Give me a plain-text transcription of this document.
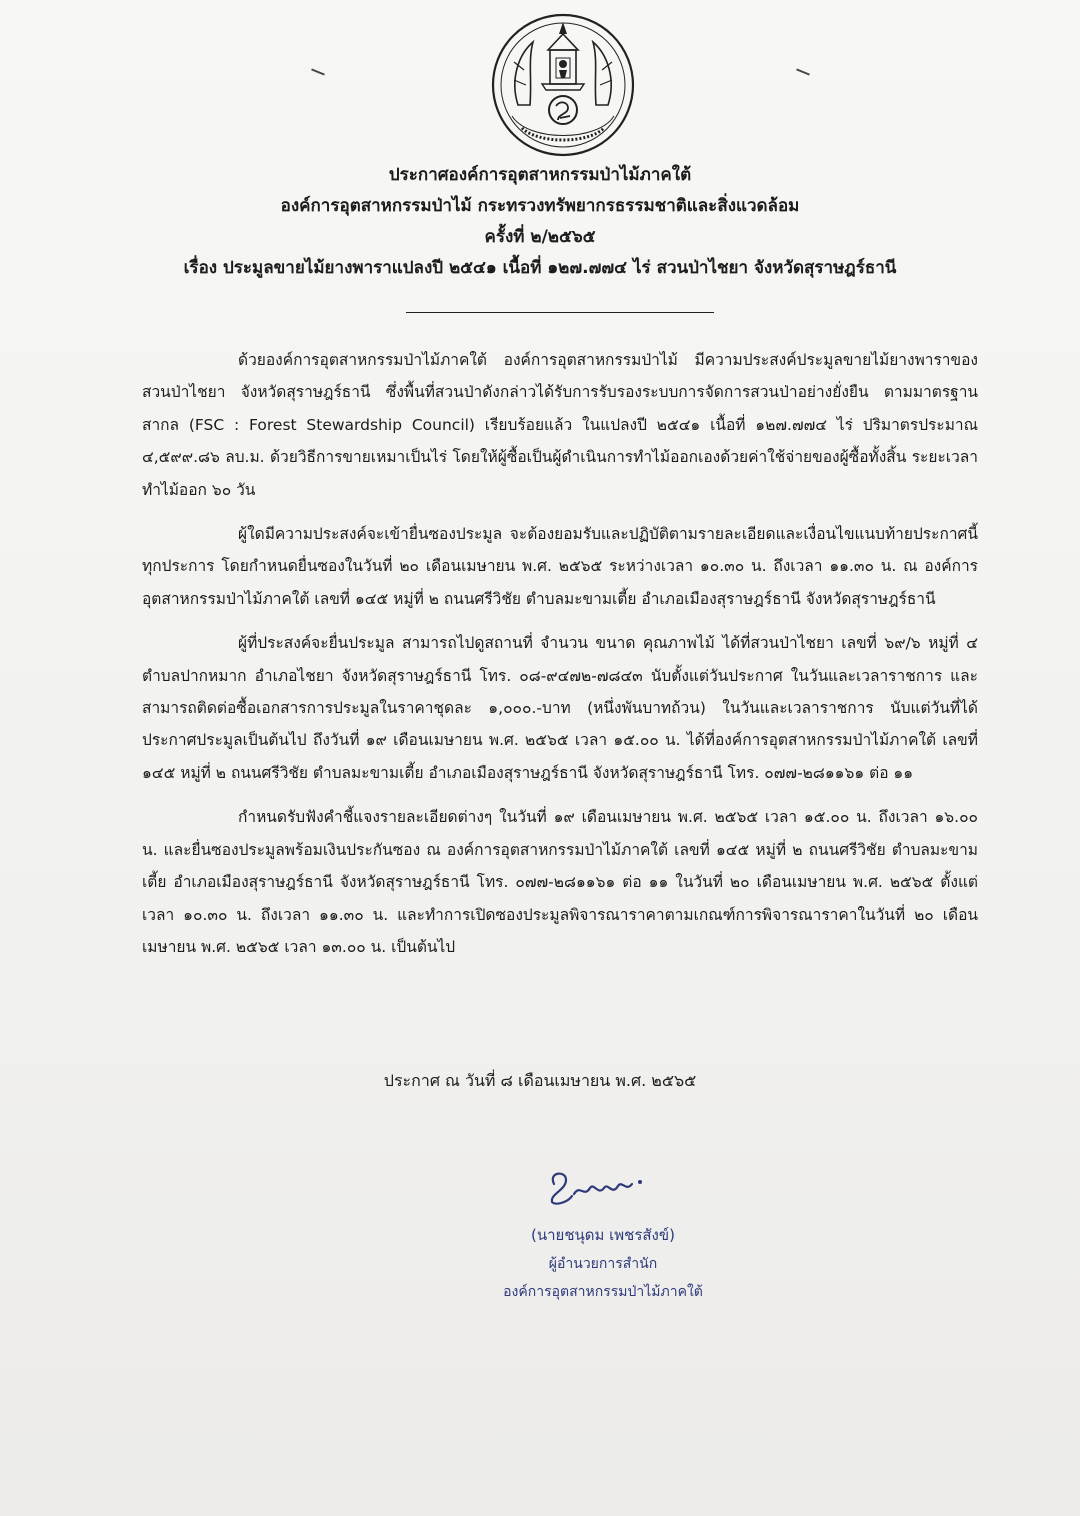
ประกาศองค์การอุตสาหกรรมป่าไม้ภาคใต้
องค์การอุตสาหกรรมป่าไม้ กระทรวงทรัพยากรธรรมชาติและสิ่งแวดล้อม
ครั้งที่ ๒/๒๕๖๕
เรื่อง ประมูลขายไม้ยางพาราแปลงปี ๒๕๔๑ เนื้อที่ ๑๒๗.๗๗๔ ไร่ สวนป่าไชยา จังหวัดสุราษฎร์ธานี

ด้วยองค์การอุตสาหกรรมป่าไม้ภาคใต้ องค์การอุตสาหกรรมป่าไม้ มีความประสงค์ประมูลขายไม้ยางพาราของสวนป่าไชยา จังหวัดสุราษฎร์ธานี ซึ่งพื้นที่สวนป่าดังกล่าวได้รับการรับรองระบบการจัดการสวนป่าอย่างยั่งยืน ตามมาตรฐานสากล (FSC : Forest Stewardship Council) เรียบร้อยแล้ว ในแปลงปี ๒๕๔๑ เนื้อที่ ๑๒๗.๗๗๔ ไร่ ปริมาตรประมาณ ๔,๕๙๙.๘๖ ลบ.ม. ด้วยวิธีการขายเหมาเป็นไร่ โดยให้ผู้ซื้อเป็นผู้ดำเนินการทำไม้ออกเองด้วยค่าใช้จ่ายของผู้ซื้อทั้งสิ้น ระยะเวลาทำไม้ออก ๖๐ วัน

ผู้ใดมีความประสงค์จะเข้ายื่นซองประมูล จะต้องยอมรับและปฏิบัติตามรายละเอียดและเงื่อนไขแนบท้ายประกาศนี้ทุกประการ โดยกำหนดยื่นซองในวันที่ ๒๐ เดือนเมษายน พ.ศ. ๒๕๖๕ ระหว่างเวลา ๑๐.๓๐ น. ถึงเวลา ๑๑.๓๐ น. ณ องค์การอุตสาหกรรมป่าไม้ภาคใต้ เลขที่ ๑๔๕ หมู่ที่ ๒ ถนนศรีวิชัย ตำบลมะขามเตี้ย อำเภอเมืองสุราษฎร์ธานี จังหวัดสุราษฎร์ธานี

ผู้ที่ประสงค์จะยื่นประมูล สามารถไปดูสถานที่ จำนวน ขนาด คุณภาพไม้ ได้ที่สวนป่าไชยา เลขที่ ๖๙/๖ หมู่ที่ ๔ ตำบลปากหมาก อำเภอไชยา จังหวัดสุราษฎร์ธานี โทร. ๐๘-๙๔๗๒-๗๘๔๓ นับตั้งแต่วันประกาศ ในวันและเวลาราชการ และสามารถติดต่อซื้อเอกสารการประมูลในราคาชุดละ ๑,๐๐๐.-บาท (หนึ่งพันบาทถ้วน) ในวันและเวลาราชการ นับแต่วันที่ได้ประกาศประมูลเป็นต้นไป ถึงวันที่ ๑๙ เดือนเมษายน พ.ศ. ๒๕๖๕ เวลา ๑๕.๐๐ น. ได้ที่องค์การอุตสาหกรรมป่าไม้ภาคใต้ เลขที่ ๑๔๕ หมู่ที่ ๒ ถนนศรีวิชัย ตำบลมะขามเตี้ย อำเภอเมืองสุราษฎร์ธานี จังหวัดสุราษฎร์ธานี โทร. ๐๗๗-๒๘๑๑๖๑ ต่อ ๑๑

กำหนดรับฟังคำชี้แจงรายละเอียดต่างๆ ในวันที่ ๑๙ เดือนเมษายน พ.ศ. ๒๕๖๕ เวลา ๑๕.๐๐ น. ถึงเวลา ๑๖.๐๐ น. และยื่นซองประมูลพร้อมเงินประกันซอง ณ องค์การอุตสาหกรรมป่าไม้ภาคใต้ เลขที่ ๑๔๕ หมู่ที่ ๒ ถนนศรีวิชัย ตำบลมะขามเตี้ย อำเภอเมืองสุราษฎร์ธานี จังหวัดสุราษฎร์ธานี โทร. ๐๗๗-๒๘๑๑๖๑ ต่อ ๑๑ ในวันที่ ๒๐ เดือนเมษายน พ.ศ. ๒๕๖๕ ตั้งแต่เวลา ๑๐.๓๐ น. ถึงเวลา ๑๑.๓๐ น. และทำการเปิดซองประมูลพิจารณาราคาตามเกณฑ์การพิจารณาราคาในวันที่ ๒๐ เดือนเมษายน พ.ศ. ๒๕๖๕ เวลา ๑๓.๐๐ น. เป็นต้นไป

ประกาศ ณ วันที่ ๘ เดือนเมษายน พ.ศ. ๒๕๖๕
(นายชนุดม เพชรสังข์)
ผู้อำนวยการสำนัก
องค์การอุตสาหกรรมป่าไม้ภาคใต้
